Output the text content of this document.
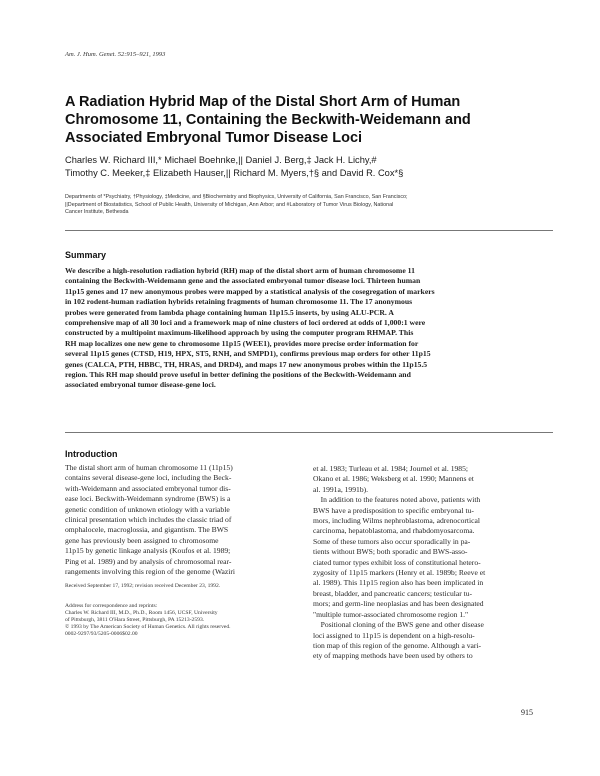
Am. J. Hum. Genet. 52:915–921, 1993
A Radiation Hybrid Map of the Distal Short Arm of Human
Chromosome 11, Containing the Beckwith-Weidemann and
Associated Embryonal Tumor Disease Loci
Charles W. Richard III,* Michael Boehnke,|| Daniel J. Berg,‡ Jack H. Lichy,#
Timothy C. Meeker,‡ Elizabeth Hauser,|| Richard M. Myers,†§ and David R. Cox*§
Departments of *Psychiatry, †Physiology, ‡Medicine, and §Biochemistry and Biophysics, University of California, San Francisco, San Francisco;
||Department of Biostatistics, School of Public Health, University of Michigan, Ann Arbor; and #Laboratory of Tumor Virus Biology, National
Cancer Institute, Bethesda
Summary
We describe a high-resolution radiation hybrid (RH) map of the distal short arm of human chromosome 11
containing the Beckwith-Weidemann gene and the associated embryonal tumor disease loci. Thirteen human
11p15 genes and 17 new anonymous probes were mapped by a statistical analysis of the cosegregation of markers
in 102 rodent-human radiation hybrids retaining fragments of human chromosome 11. The 17 anonymous
probes were generated from lambda phage containing human 11p15.5 inserts, by using ALU-PCR. A
comprehensive map of all 30 loci and a framework map of nine clusters of loci ordered at odds of 1,000:1 were
constructed by a multipoint maximum-likelihood approach by using the computer program RHMAP. This
RH map localizes one new gene to chromosome 11p15 (WEE1), provides more precise order information for
several 11p15 genes (CTSD, H19, HPX, ST5, RNH, and SMPD1), confirms previous map orders for other 11p15
genes (CALCA, PTH, HBBC, TH, HRAS, and DRD4), and maps 17 new anonymous probes within the 11p15.5
region. This RH map should prove useful in better defining the positions of the Beckwith-Weidemann and
associated embryonal tumor disease-gene loci.
Introduction
The distal short arm of human chromosome 11 (11p15)
contains several disease-gene loci, including the Beck-
with-Weidemann and associated embryonal tumor dis-
ease loci. Beckwith-Weidemann syndrome (BWS) is a
genetic condition of unknown etiology with a variable
clinical presentation which includes the classic triad of
omphalocele, macroglossia, and gigantism. The BWS
gene has previously been assigned to chromosome
11p15 by genetic linkage analysis (Koufos et al. 1989;
Ping et al. 1989) and by analysis of chromosomal rear-
rangements involving this region of the genome (Waziri
et al. 1983; Turleau et al. 1984; Journel et al. 1985;
Okano et al. 1986; Weksberg et al. 1990; Mannens et
al. 1991a, 1991b).
In addition to the features noted above, patients with
BWS have a predisposition to specific embryonal tu-
mors, including Wilms nephroblastoma, adrenocortical
carcinoma, hepatoblastoma, and rhabdomyosarcoma.
Some of these tumors also occur sporadically in pa-
tients without BWS; both sporadic and BWS-asso-
ciated tumor types exhibit loss of constitutional hetero-
zygosity of 11p15 markers (Henry et al. 1989b; Reeve et
al. 1989). This 11p15 region also has been implicated in
breast, bladder, and pancreatic cancers; testicular tu-
mors; and germ-line neoplasias and has been designated
"multiple tumor-associated chromosome region 1."
Positional cloning of the BWS gene and other disease
loci assigned to 11p15 is dependent on a high-resolu-
tion map of this region of the genome. Although a vari-
ety of mapping methods have been used by others to
Received September 17, 1992; revision received December 23, 1992.
Address for correspondence and reprints:
Charles W. Richard III, M.D., Ph.D., Room 1456, UCSF, University
of Pittsburgh, 3811 O'Hara Street, Pittsburgh, PA 15213-2593.
© 1993 by The American Society of Human Genetics. All rights reserved.
0002-9297/93/5205-0006$02.00
915
